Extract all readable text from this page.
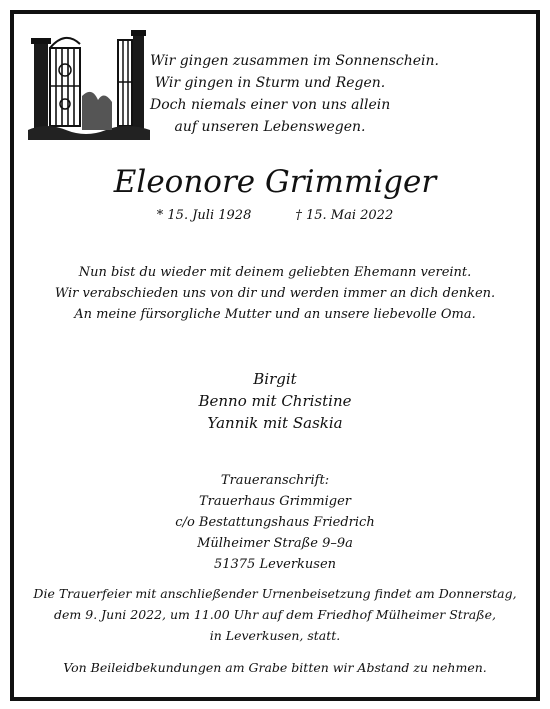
Wir gingen zusammen im Sonnenschein.
Wir gingen in Sturm und Regen.
Doch niemals einer von uns allein
auf unseren Lebenswegen.
Eleonore Grimmiger
* 15. Juli 1928	† 15. Mai 2022
Nun bist du wieder mit deinem geliebten Ehemann vereint.
Wir verabschieden uns von dir und werden immer an dich denken.
An meine fürsorgliche Mutter und an unsere liebevolle Oma.
Birgit
Benno mit Christine
Yannik mit Saskia
Traueranschrift:
Trauerhaus Grimmiger
c/o Bestattungshaus Friedrich
Mülheimer Straße 9–9a
51375 Leverkusen
Die Trauerfeier mit anschließender Urnenbeisetzung findet am Donnerstag,
dem 9. Juni 2022, um 11.00 Uhr auf dem Friedhof Mülheimer Straße,
in Leverkusen, statt.
Von Beileidbekundungen am Grabe bitten wir Abstand zu nehmen.
